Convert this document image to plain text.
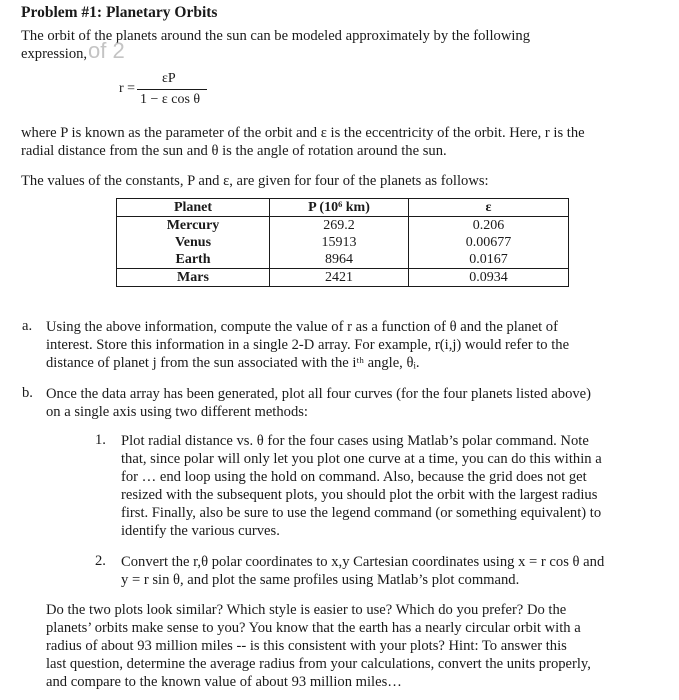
Problem #1: Planetary Orbits
The orbit of the planets around the sun can be modeled approximately by the following
expression, of 2
r =
εP
1 − ε cos θ
where P is known as the parameter of the orbit and ε is the eccentricity of the orbit. Here, r is the
radial distance from the sun and θ is the angle of rotation around the sun.
The values of the constants, P and ε, are given for four of the planets as follows:
Planet	P (10⁶ km)	ε
Mercury	269.2	0.206
Venus	15913	0.00677
Earth	8964	0.0167
Mars	2421	0.0934
a. Using the above information, compute the value of r as a function of θ and the planet of
interest. Store this information in a single 2-D array. For example, r(i,j) would refer to the
distance of planet j from the sun associated with the iᵗʰ angle, θᵢ.
b. Once the data array has been generated, plot all four curves (for the four planets listed above)
on a single axis using two different methods:
1. Plot radial distance vs. θ for the four cases using Matlab’s polar command. Note
that, since polar will only let you plot one curve at a time, you can do this within a
for … end loop using the hold on command. Also, because the grid does not get
resized with the subsequent plots, you should plot the orbit with the largest radius
first. Finally, also be sure to use the legend command (or something equivalent) to
identify the various curves.
2. Convert the r,θ polar coordinates to x,y Cartesian coordinates using x = r cos θ and
y = r sin θ, and plot the same profiles using Matlab’s plot command.
Do the two plots look similar? Which style is easier to use? Which do you prefer? Do the
planets’ orbits make sense to you? You know that the earth has a nearly circular orbit with a
radius of about 93 million miles -- is this consistent with your plots? Hint: To answer this
last question, determine the average radius from your calculations, convert the units properly,
and compare to the known value of about 93 million miles…
